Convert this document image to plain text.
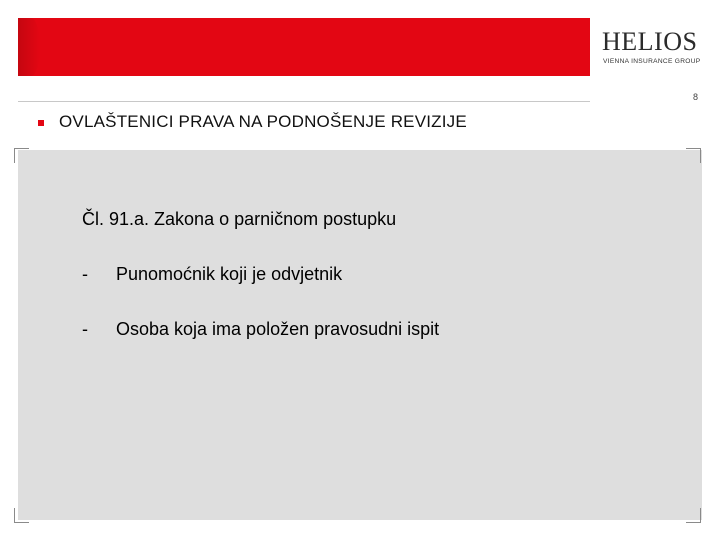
HELIOS
VIENNA INSURANCE GROUP
8
OVLAŠTENICI PRAVA NA PODNOŠENJE REVIZIJE
Čl. 91.a. Zakona o parničnom postupku
- Punomoćnik koji je odvjetnik
- Osoba koja ima položen pravosudni ispit
